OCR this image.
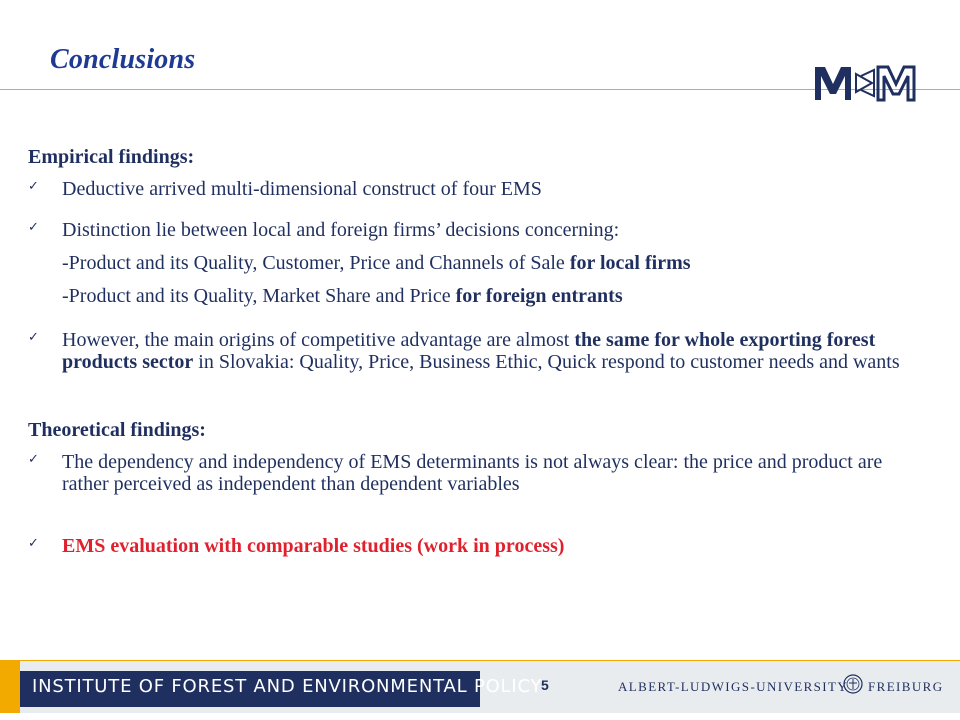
Conclusions
Empirical findings:
✓ Deductive arrived multi-dimensional construct of four EMS
✓ Distinction lie between local and foreign firms’ decisions concerning:
-Product and its Quality, Customer, Price and Channels of Sale for local firms
-Product and its Quality, Market Share and Price for foreign entrants
✓ However, the main origins of competitive advantage are almost the same for whole exporting forest products sector in Slovakia: Quality, Price, Business Ethic, Quick respond to customer needs and wants
Theoretical findings:
✓ The dependency and independency of EMS determinants is not always clear: the price and product are rather perceived as independent than dependent variables
✓ EMS evaluation with comparable studies (work in process)
INSTITUTE OF FOREST AND ENVIRONMENTAL POLICY
5	ALBERT-LUDWIGS-UNIVERSITY FREIBURG
